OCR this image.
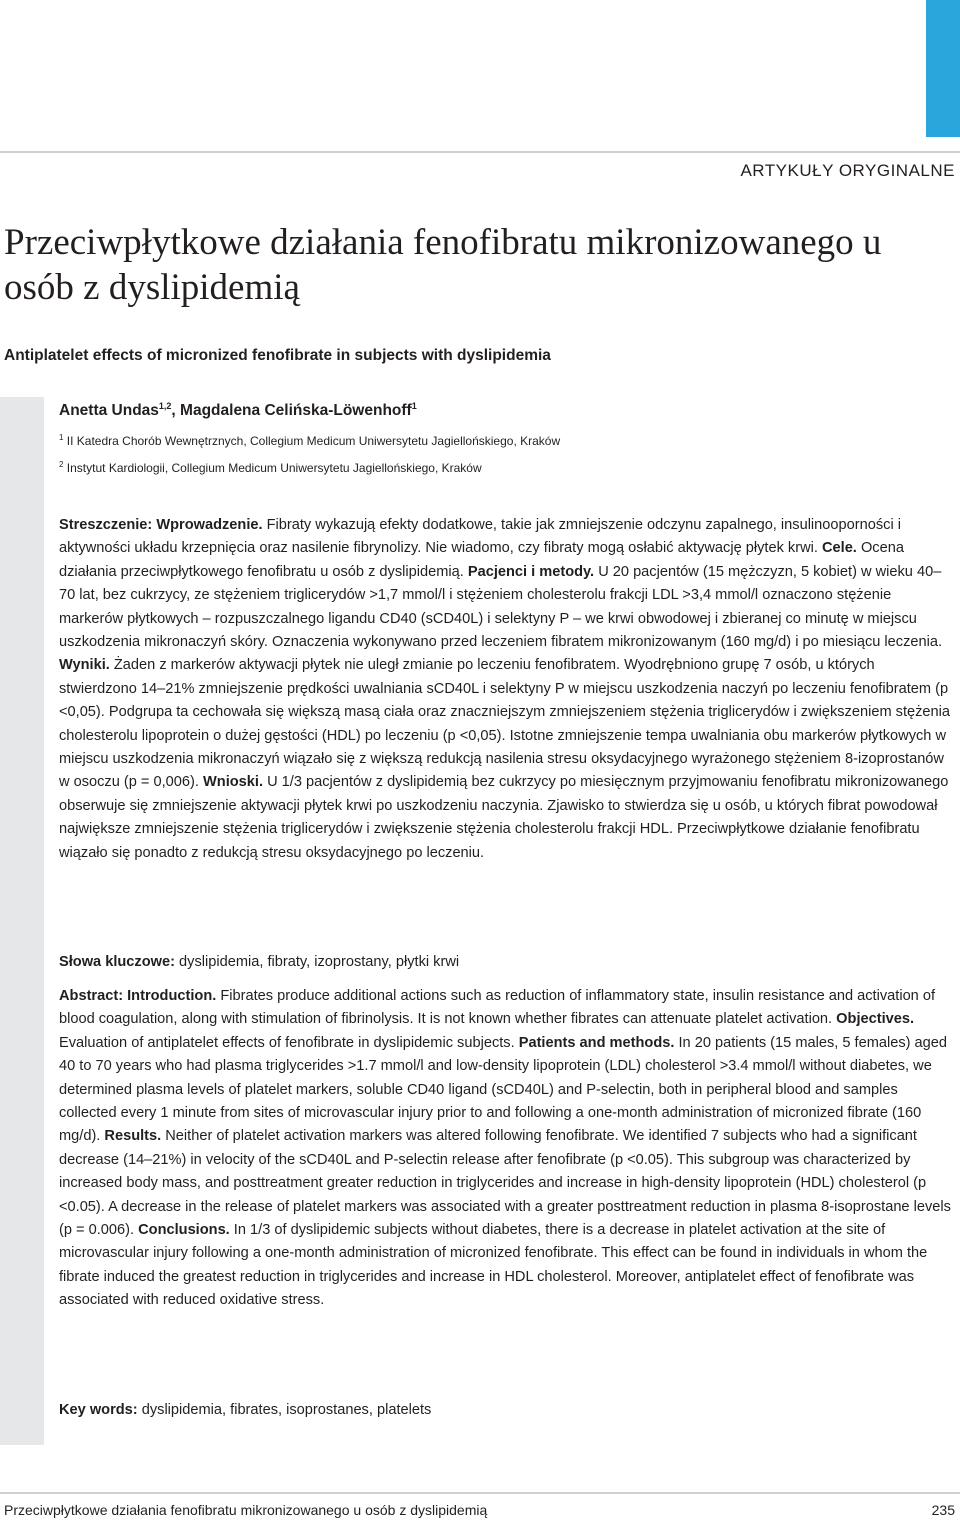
ARTYKUŁY ORYGINALNE
Przeciwpłytkowe działania fenofibratu mikronizowanego u osób z dyslipidemią
Antiplatelet effects of micronized fenofibrate in subjects with dyslipidemia
Anetta Undas$^{1,2}$, Magdalena Celińska-Löwenhoff$^1$
$^1$ II Katedra Chorób Wewnętrznych, Collegium Medicum Uniwersytetu Jagiellońskiego, Kraków
$^2$ Instytut Kardiologii, Collegium Medicum Uniwersytetu Jagiellońskiego, Kraków

Streszczenie: Wprowadzenie. Fibraty wykazują efekty dodatkowe, takie jak zmniejszenie odczynu zapalnego, insulinooporności i aktywności układu krzepnięcia oraz nasilenie fibrynolizy. Nie wiadomo, czy fibraty mogą osłabić aktywację płytek krwi. Cele. Ocena działania przeciwpłytkowego fenofibratu u osób z dyslipidemią. Pacjenci i metody. U 20 pacjentów (15 mężczyzn, 5 kobiet) w wieku 40–70 lat, bez cukrzycy, ze stężeniem triglicerydów >1,7 mmol/l i stężeniem cholesterolu frakcji LDL >3,4 mmol/l oznaczono stężenie markerów płytkowych – rozpuszczalnego ligandu CD40 (sCD40L) i selektyny P – we krwi obwodowej i zbieranej co minutę w miejscu uszkodzenia mikronaczyń skóry. Oznaczenia wykonywano przed leczeniem fibratem mikronizowanym (160 mg/d) i po miesiącu leczenia. Wyniki. Żaden z markerów aktywacji płytek nie uległ zmianie po leczeniu fenofibratem. Wyodrębniono grupę 7 osób, u których stwierdzono 14–21% zmniejszenie prędkości uwalniania sCD40L i selektyny P w miejscu uszkodzenia naczyń po leczeniu fenofibratem (p <0,05). Podgrupa ta cechowała się większą masą ciała oraz znaczniejszym zmniejszeniem stężenia triglicerydów i zwiększeniem stężenia cholesterolu lipoprotein o dużej gęstości (HDL) po leczeniu (p <0,05). Istotne zmniejszenie tempa uwalniania obu markerów płytkowych w miejscu uszkodzenia mikronaczyń wiązało się z większą redukcją nasilenia stresu oksydacyjnego wyrażonego stężeniem 8-izoprostanów w osoczu (p = 0,006). Wnioski. U 1/3 pacjentów z dyslipidemią bez cukrzycy po miesięcznym przyjmowaniu fenofibratu mikronizowanego obserwuje się zmniejszenie aktywacji płytek krwi po uszkodzeniu naczynia. Zjawisko to stwierdza się u osób, u których fibrat powodował największe zmniejszenie stężenia triglicerydów i zwiększenie stężenia cholesterolu frakcji HDL. Przeciwpłytkowe działanie fenofibratu wiązało się ponadto z redukcją stresu oksydacyjnego po leczeniu.

Słowa kluczowe: dyslipidemia, fibraty, izoprostany, płytki krwi

Abstract: Introduction. Fibrates produce additional actions such as reduction of inflammatory state, insulin resistance and activation of blood coagulation, along with stimulation of fibrinolysis. It is not known whether fibrates can attenuate platelet activation. Objectives. Evaluation of antiplatelet effects of fenofibrate in dyslipidemic subjects. Patients and methods. In 20 patients (15 males, 5 females) aged 40 to 70 years who had plasma triglycerides >1.7 mmol/l and low-density lipoprotein (LDL) cholesterol >3.4 mmol/l without diabetes, we determined plasma levels of platelet markers, soluble CD40 ligand (sCD40L) and P-selectin, both in peripheral blood and samples collected every 1 minute from sites of microvascular injury prior to and following a one-month administration of micronized fibrate (160 mg/d). Results. Neither of platelet activation markers was altered following fenofibrate. We identified 7 subjects who had a significant decrease (14–21%) in velocity of the sCD40L and P-selectin release after fenofibrate (p <0.05). This subgroup was characterized by increased body mass, and posttreatment greater reduction in triglycerides and increase in high-density lipoprotein (HDL) cholesterol (p <0.05). A decrease in the release of platelet markers was associated with a greater posttreatment reduction in plasma 8-isoprostane levels (p = 0.006). Conclusions. In 1/3 of dyslipidemic subjects without diabetes, there is a decrease in platelet activation at the site of microvascular injury following a one-month administration of micronized fenofibrate. This effect can be found in individuals in whom the fibrate induced the greatest reduction in triglycerides and increase in HDL cholesterol. Moreover, antiplatelet effect of fenofibrate was associated with reduced oxidative stress.

Key words: dyslipidemia, fibrates, isoprostanes, platelets

Przeciwpłytkowe działania fenofibratu mikronizowanego u osób z dyslipidemią	235
